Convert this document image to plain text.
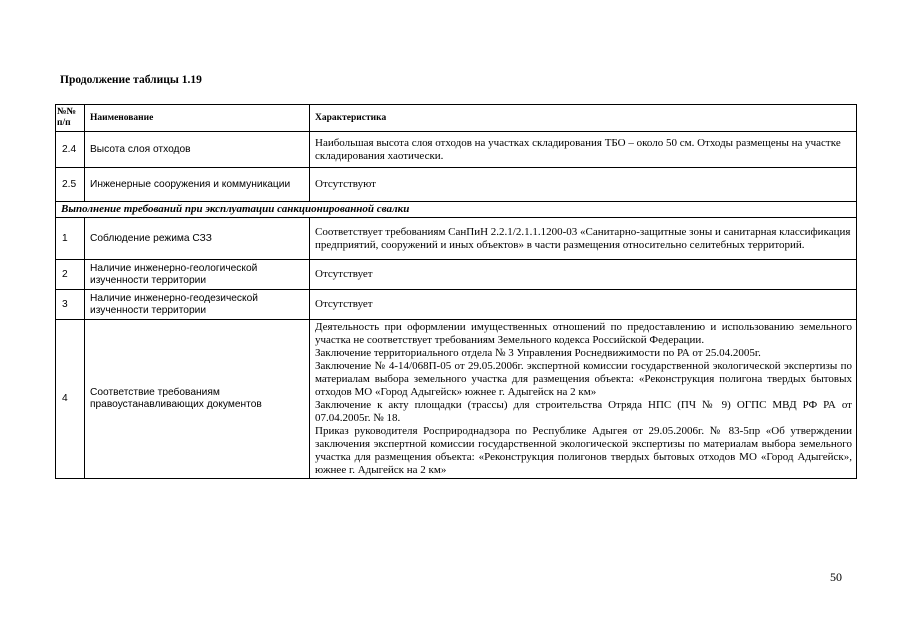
Продолжение таблицы 1.19
№№
п/п	Наименование	Характеристика
2.4	Высота слоя отходов	Наибольшая высота слоя отходов на участках складирования ТБО – около 50 см. Отходы размещены на участке складирования хаотически.
2.5	Инженерные сооружения и коммуникации	Отсутствуют
Выполнение требований при эксплуатации санкционированной свалки		
1	Соблюдение режима СЗЗ	Соответствует требованиям СанПиН 2.2.1/2.1.1.1200-03 «Санитарно-защитные зоны и санитарная классификация предприятий, сооружений и иных объектов» в части размещения относительно селитебных территорий.
2	Наличие инженерно-геологической изученности территории	Отсутствует
3	Наличие инженерно-геодезической изученности территории	Отсутствует
4	Соответствие требованиям правоустанавливающих документов	Деятельность при оформлении имущественных отношений по предоставлению и использованию земельного участка не соответствует требованиям Земельного кодекса Российской Федерации.
Заключение территориального отдела № 3 Управления Роснедвижимости по РА от 25.04.2005г.
Заключение № 4-14/068П-05 от 29.05.2006г. экспертной комиссии государственной экологической экспертизы по материалам выбора земельного участка для размещения объекта: «Реконструкция полигона твердых бытовых отходов МО «Город Адыгейск» южнее г. Адыгейск на 2 км»
Заключение к акту площадки (трассы) для строительства Отряда НПС (ПЧ № 9) ОГПС МВД РФ РА от 07.04.2005г. № 18.
Приказ руководителя Росприроднадзора по Республике Адыгея от 29.05.2006г. № 83-5пр «Об утверждении заключения экспертной комиссии государственной экологической экспертизы по материалам выбора земельного участка для размещения объекта: «Реконструкция полигонов твердых бытовых отходов МО «Город Адыгейск», южнее г. Адыгейск на 2 км»
50
